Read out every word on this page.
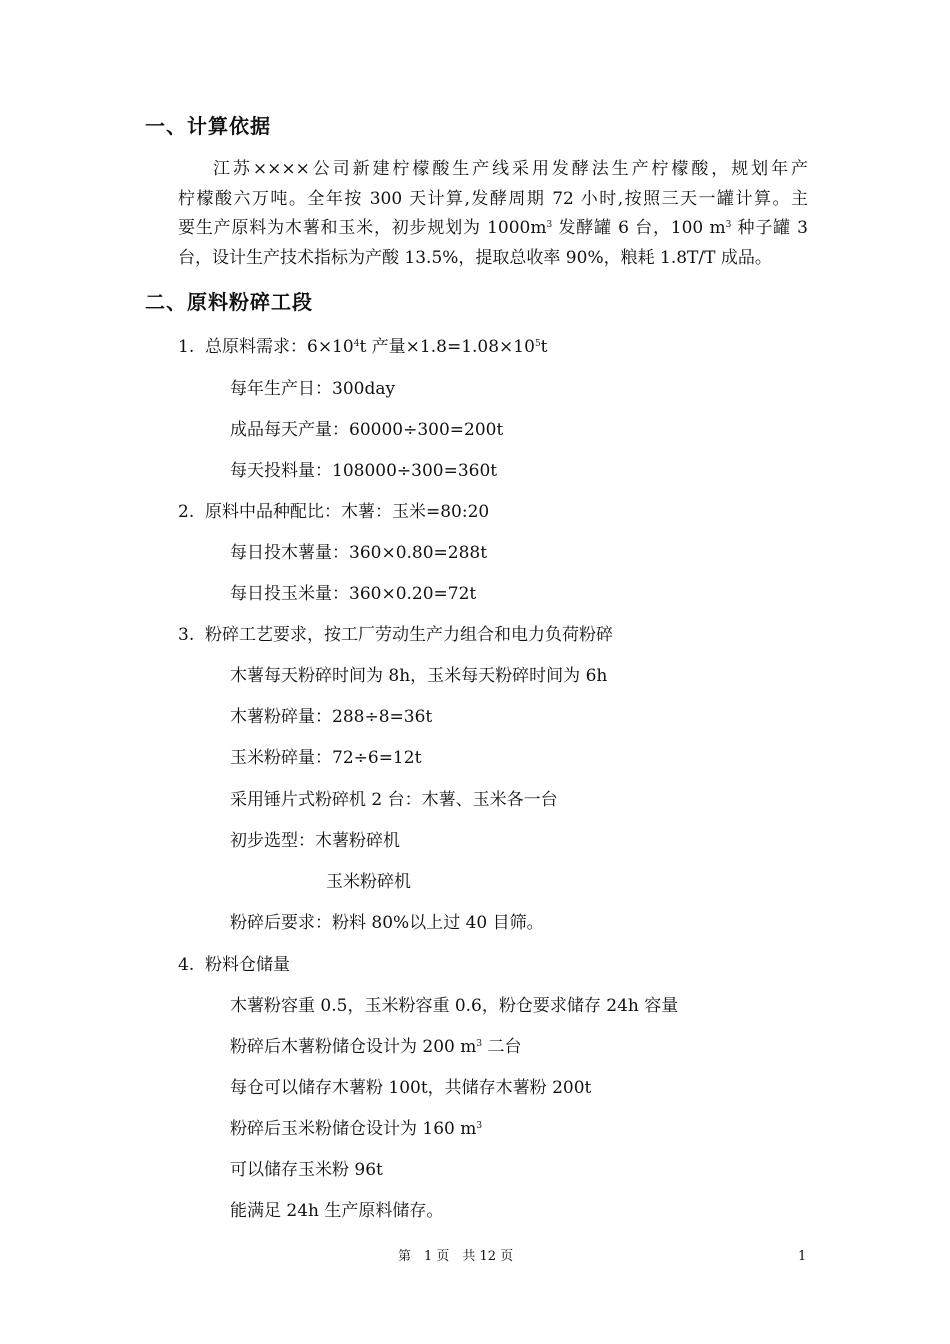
一、计算依据
江苏××××公司新建柠檬酸生产线采用发酵法生产柠檬酸，规划年产
柠檬酸六万吨。全年按 300 天计算,发酵周期 72 小时,按照三天一罐计算。主
要生产原料为木薯和玉米，初步规划为 $1000m^3$ 发酵罐 6 台，100 $m^3$ 种子罐 3
台，设计生产技术指标为产酸 13.5%，提取总收率 90%，粮耗 1.8T/T 成品。
二、原料粉碎工段
1. 总原料需求：$6\times 10^4t$ 产量$\times 1.8=1.08\times 10^5t$
每年生产日：300day
成品每天产量：60000÷300=200t
每天投料量：108000÷300=360t
2. 原料中品种配比：木薯：玉米=80:20
每日投木薯量：360×0.80=288t
每日投玉米量：360×0.20=72t
3. 粉碎工艺要求，按工厂劳动生产力组合和电力负荷粉碎
木薯每天粉碎时间为 8h，玉米每天粉碎时间为 6h
木薯粉碎量：288÷8=36t
玉米粉碎量：72÷6=12t
采用锤片式粉碎机 2 台：木薯、玉米各一台
初步选型：木薯粉碎机
玉米粉碎机
粉碎后要求：粉料 80%以上过 40 目筛。
4. 粉料仓储量
木薯粉容重 0.5，玉米粉容重 0.6，粉仓要求储存 24h 容量
粉碎后木薯粉储仓设计为 200 $m^3$ 二台
每仓可以储存木薯粉 100t，共储存木薯粉 200t
粉碎后玉米粉储仓设计为 160 $m^3$
可以储存玉米粉 96t
能满足 24h 生产原料储存。
第　1 页　共 12 页	1
